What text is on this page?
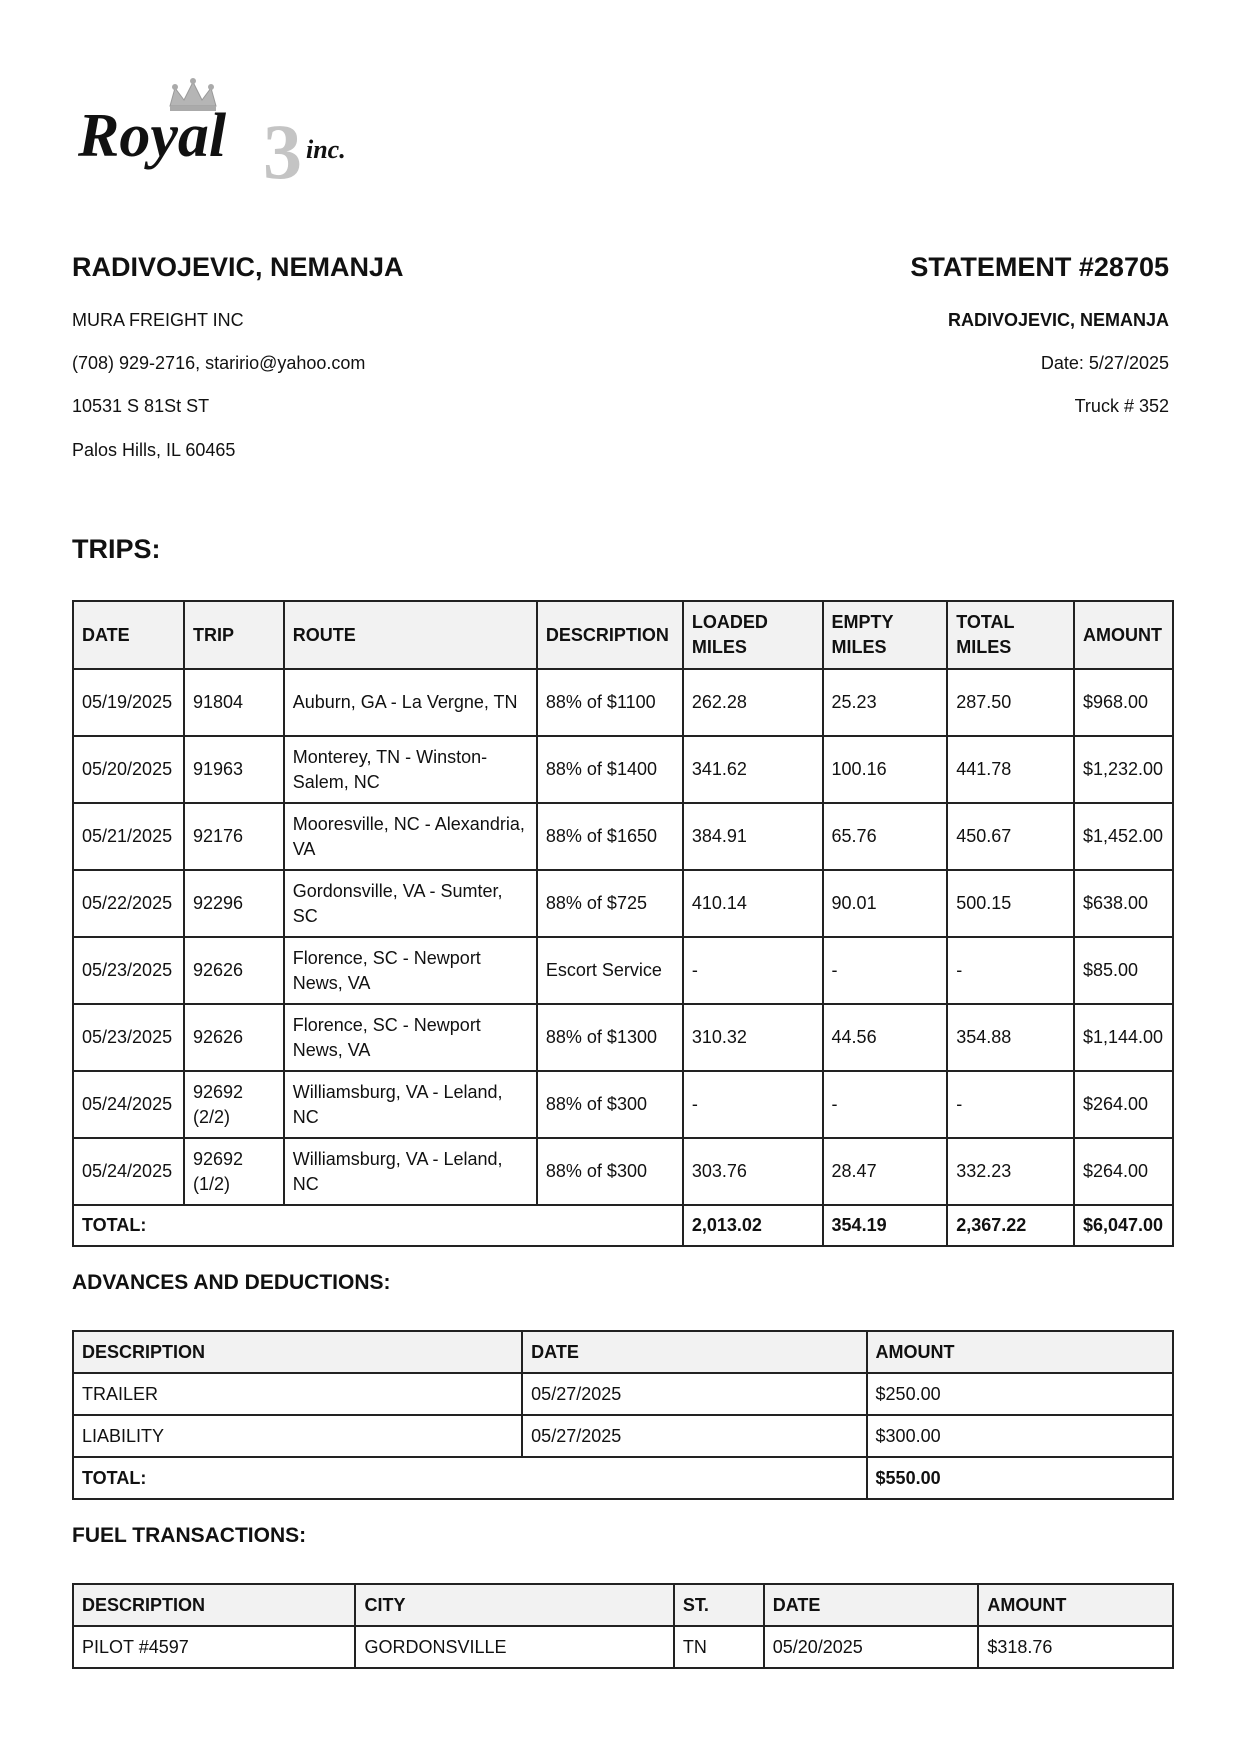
Royal 3 inc.
RADIVOJEVIC, NEMANJA
MURA FREIGHT INC
(708) 929-2716, staririo@yahoo.com
10531 S 81St ST
Palos Hills, IL 60465
STATEMENT #28705
RADIVOJEVIC, NEMANJA
Date: 5/27/2025
Truck # 352
TRIPS:
DATE	TRIP	ROUTE	DESCRIPTION	LOADED MILES	EMPTY MILES	TOTAL MILES	AMOUNT
05/19/2025	91804	Auburn, GA - La Vergne, TN	88% of $1100	262.28	25.23	287.50	$968.00
05/20/2025	91963	Monterey, TN - Winston-Salem, NC	88% of $1400	341.62	100.16	441.78	$1,232.00
05/21/2025	92176	Mooresville, NC - Alexandria, VA	88% of $1650	384.91	65.76	450.67	$1,452.00
05/22/2025	92296	Gordonsville, VA - Sumter, SC	88% of $725	410.14	90.01	500.15	$638.00
05/23/2025	92626	Florence, SC - Newport News, VA	Escort Service	-	-	-	$85.00
05/23/2025	92626	Florence, SC - Newport News, VA	88% of $1300	310.32	44.56	354.88	$1,144.00
05/24/2025	92692 (2/2)	Williamsburg, VA - Leland, NC	88% of $300	-	-	-	$264.00
05/24/2025	92692 (1/2)	Williamsburg, VA - Leland, NC	88% of $300	303.76	28.47	332.23	$264.00
TOTAL:				2,013.02	354.19	2,367.22	$6,047.00
ADVANCES AND DEDUCTIONS:
DESCRIPTION	DATE	AMOUNT
TRAILER	05/27/2025	$250.00
LIABILITY	05/27/2025	$300.00
TOTAL:		$550.00
FUEL TRANSACTIONS:
DESCRIPTION	CITY	ST.	DATE	AMOUNT
PILOT #4597	GORDONSVILLE	TN	05/20/2025	$318.76
